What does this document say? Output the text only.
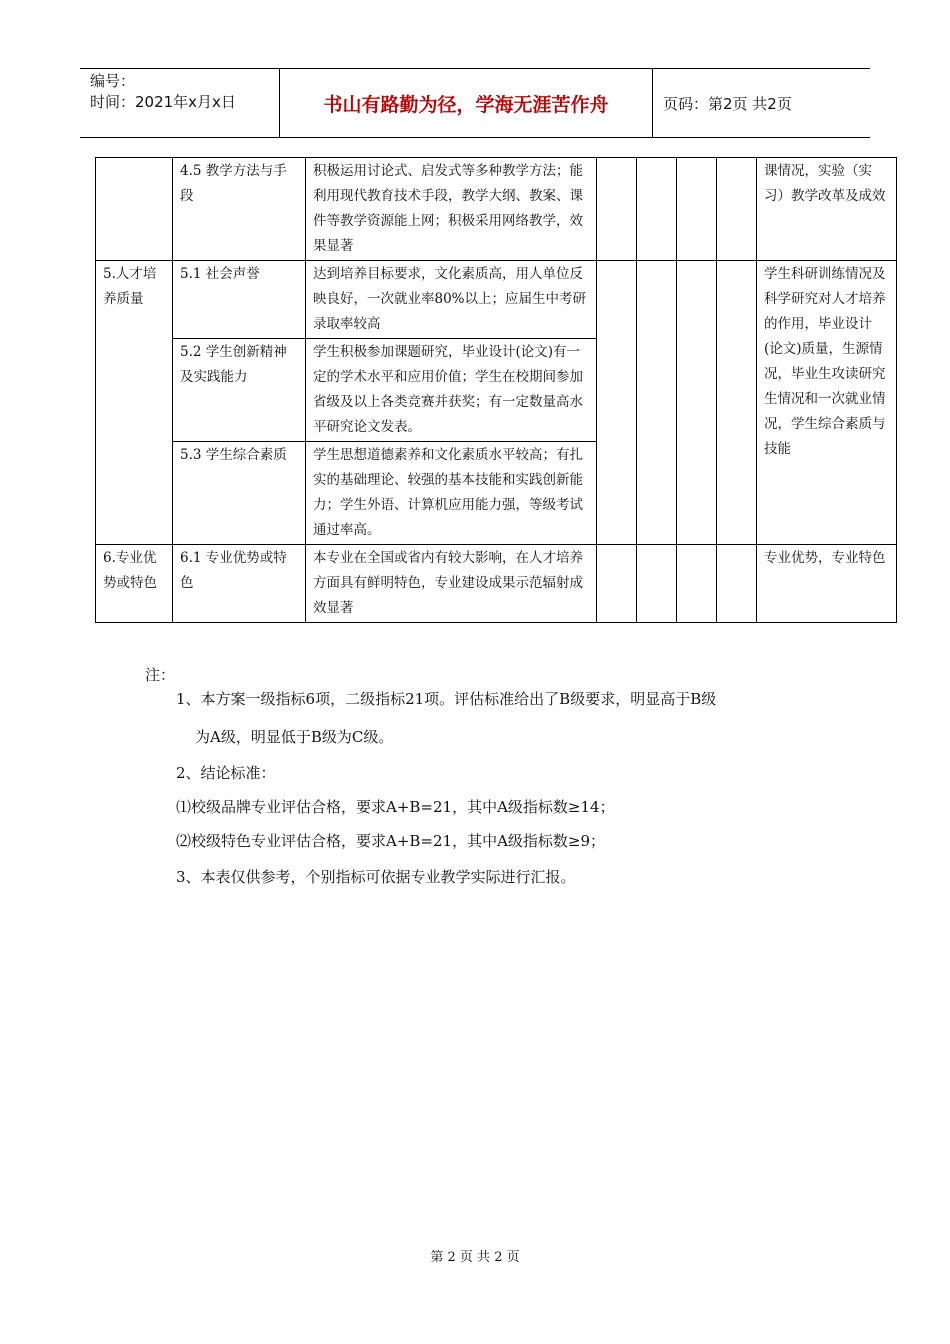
编号：
时间：2021年x月x日	书山有路勤为径，学海无涯苦作舟	页码：第2页 共2页
	4.5 教学方法与手段	积极运用讨论式、启发式等多种教学方法；能利用现代教育技术手段，教学大纲、教案、课件等教学资源能上网；积极采用网络教学，效果显著					课情况，实验（实习）教学改革及成效
5.人才培养质量	5.1 社会声誉	达到培养目标要求，文化素质高，用人单位反映良好，一次就业率80%以上；应届生中考研录取率较高					学生科研训练情况及科学研究对人才培养的作用，毕业设计(论文)质量，生源情况，毕业生攻读研究生情况和一次就业情况，学生综合素质与技能
	5.2 学生创新精神及实践能力	学生积极参加课题研究，毕业设计(论文)有一定的学术水平和应用价值；学生在校期间参加省级及以上各类竞赛并获奖；有一定数量高水平研究论文发表。					
	5.3 学生综合素质	学生思想道德素养和文化素质水平较高；有扎实的基础理论、较强的基本技能和实践创新能力；学生外语、计算机应用能力强，等级考试通过率高。					
6.专业优势或特色	6.1 专业优势或特色	本专业在全国或省内有较大影响，在人才培养方面具有鲜明特色，专业建设成果示范辐射成效显著					专业优势，专业特色
注：
1、本方案一级指标6项，二级指标21项。评估标准给出了B级要求，明显高于B级
为A级，明显低于B级为C级。
2、结论标准：
⑴校级品牌专业评估合格，要求A+B=21，其中A级指标数≥14；
⑵校级特色专业评估合格，要求A+B=21，其中A级指标数≥9；
3、本表仅供参考，个别指标可依据专业教学实际进行汇报。
第 2 页 共 2 页
